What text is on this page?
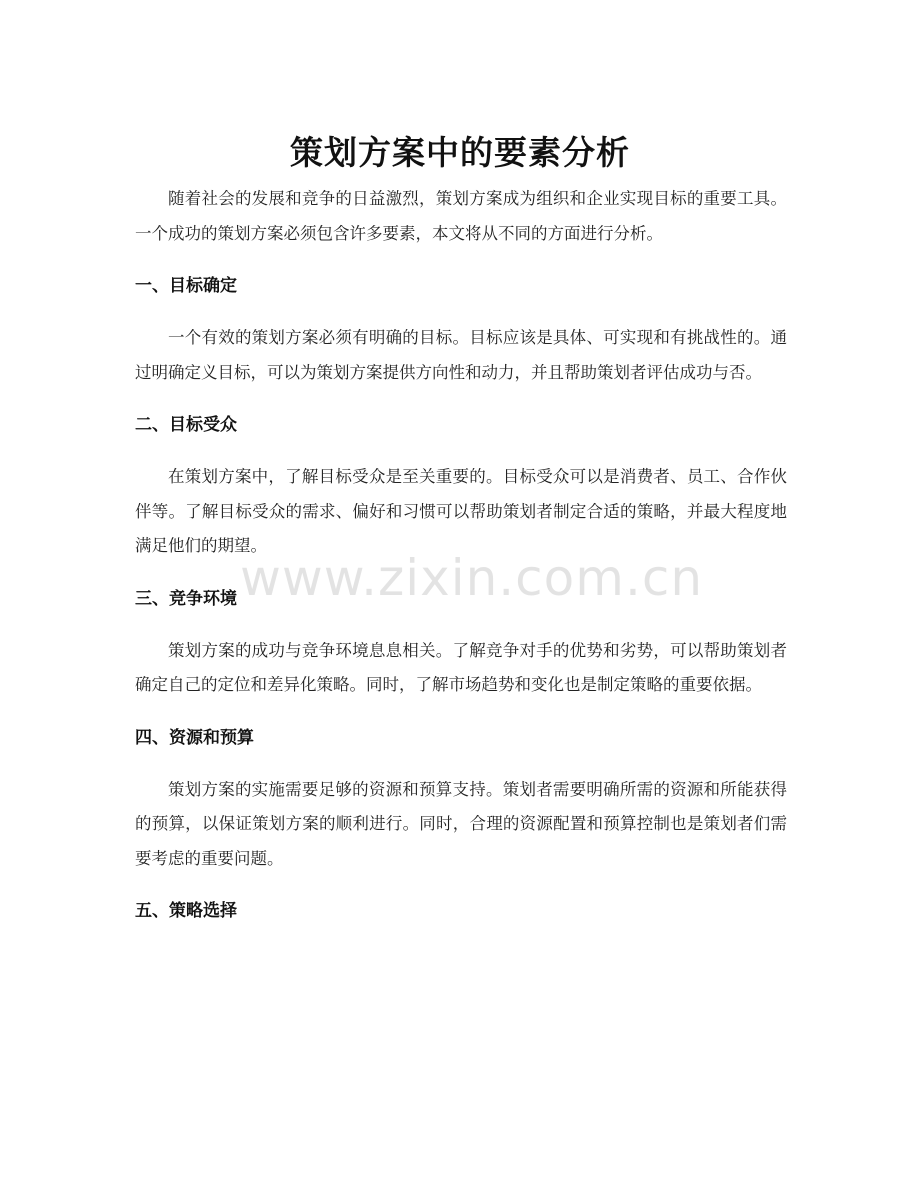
策划方案中的要素分析

随着社会的发展和竞争的日益激烈，策划方案成为组织和企业实现目标的重要工具。一个成功的策划方案必须包含许多要素，本文将从不同的方面进行分析。

一、目标确定

一个有效的策划方案必须有明确的目标。目标应该是具体、可实现和有挑战性的。通过明确定义目标，可以为策划方案提供方向性和动力，并且帮助策划者评估成功与否。

二、目标受众

在策划方案中，了解目标受众是至关重要的。目标受众可以是消费者、员工、合作伙伴等。了解目标受众的需求、偏好和习惯可以帮助策划者制定合适的策略，并最大程度地满足他们的期望。

三、竞争环境

策划方案的成功与竞争环境息息相关。了解竞争对手的优势和劣势，可以帮助策划者确定自己的定位和差异化策略。同时，了解市场趋势和变化也是制定策略的重要依据。

四、资源和预算

策划方案的实施需要足够的资源和预算支持。策划者需要明确所需的资源和所能获得的预算，以保证策划方案的顺利进行。同时，合理的资源配置和预算控制也是策划者们需要考虑的重要问题。

五、策略选择
www.zixin.com.cn
